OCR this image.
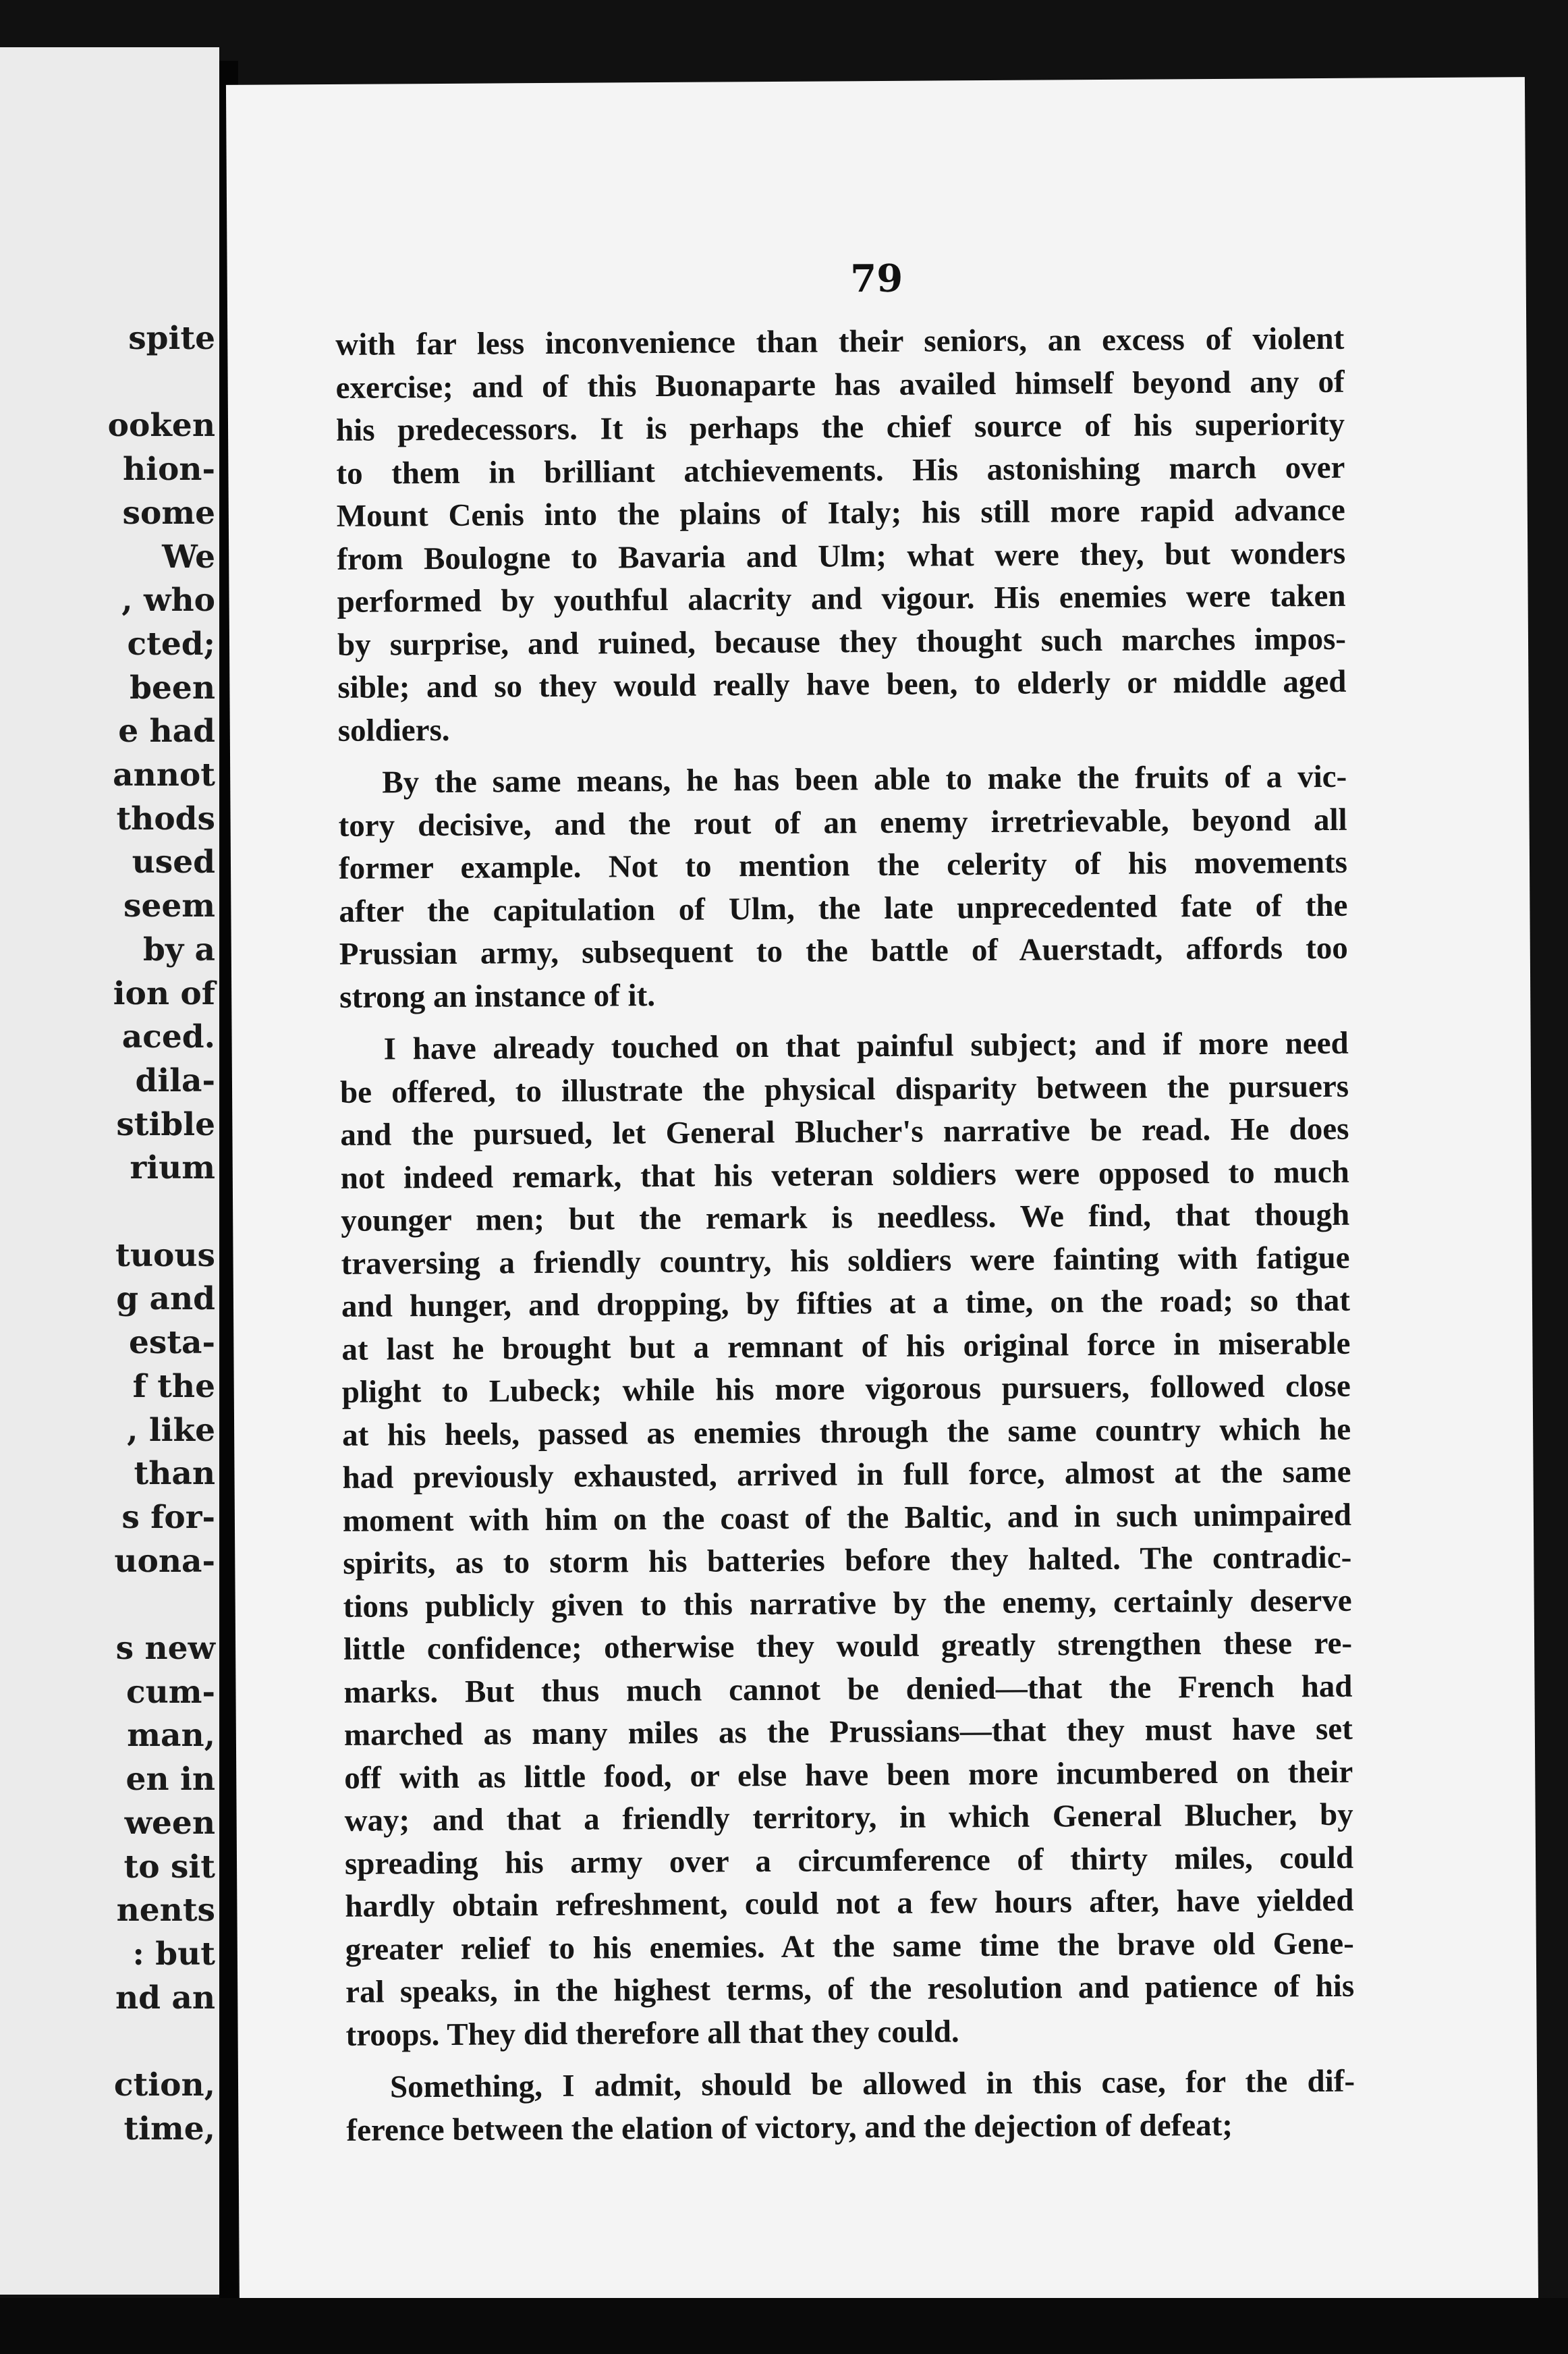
spite
ooken
hion-
some
We
, who
cted;
been
e had
annot
thods
used
seem
by a
ion of
aced.
dila-
stible
rium
tuous
g and
esta-
f the
, like
than
s for-
uona-
s new
cum-
man,
en in
ween
to sit
nents
: but
nd an
ction,
time,
79
with far less inconvenience than their seniors, an excess of violent
exercise; and of this Buonaparte has availed himself beyond any of
his predecessors. It is perhaps the chief source of his superiority
to them in brilliant atchievements. His astonishing march over
Mount Cenis into the plains of Italy; his still more rapid advance
from Boulogne to Bavaria and Ulm; what were they, but wonders
performed by youthful alacrity and vigour. His enemies were taken
by surprise, and ruined, because they thought such marches impos-
sible; and so they would really have been, to elderly or middle aged
soldiers.
By the same means, he has been able to make the fruits of a vic-
tory decisive, and the rout of an enemy irretrievable, beyond all
former example. Not to mention the celerity of his movements
after the capitulation of Ulm, the late unprecedented fate of the
Prussian army, subsequent to the battle of Auerstadt, affords too
strong an instance of it.
I have already touched on that painful subject; and if more need
be offered, to illustrate the physical disparity between the pursuers
and the pursued, let General Blucher's narrative be read. He does
not indeed remark, that his veteran soldiers were opposed to much
younger men; but the remark is needless. We find, that though
traversing a friendly country, his soldiers were fainting with fatigue
and hunger, and dropping, by fifties at a time, on the road; so that
at last he brought but a remnant of his original force in miserable
plight to Lubeck; while his more vigorous pursuers, followed close
at his heels, passed as enemies through the same country which he
had previously exhausted, arrived in full force, almost at the same
moment with him on the coast of the Baltic, and in such unimpaired
spirits, as to storm his batteries before they halted. The contradic-
tions publicly given to this narrative by the enemy, certainly deserve
little confidence; otherwise they would greatly strengthen these re-
marks. But thus much cannot be denied—that the French had
marched as many miles as the Prussians—that they must have set
off with as little food, or else have been more incumbered on their
way; and that a friendly territory, in which General Blucher, by
spreading his army over a circumference of thirty miles, could
hardly obtain refreshment, could not a few hours after, have yielded
greater relief to his enemies. At the same time the brave old Gene-
ral speaks, in the highest terms, of the resolution and patience of his
troops. They did therefore all that they could.
Something, I admit, should be allowed in this case, for the dif-
ference between the elation of victory, and the dejection of defeat;
